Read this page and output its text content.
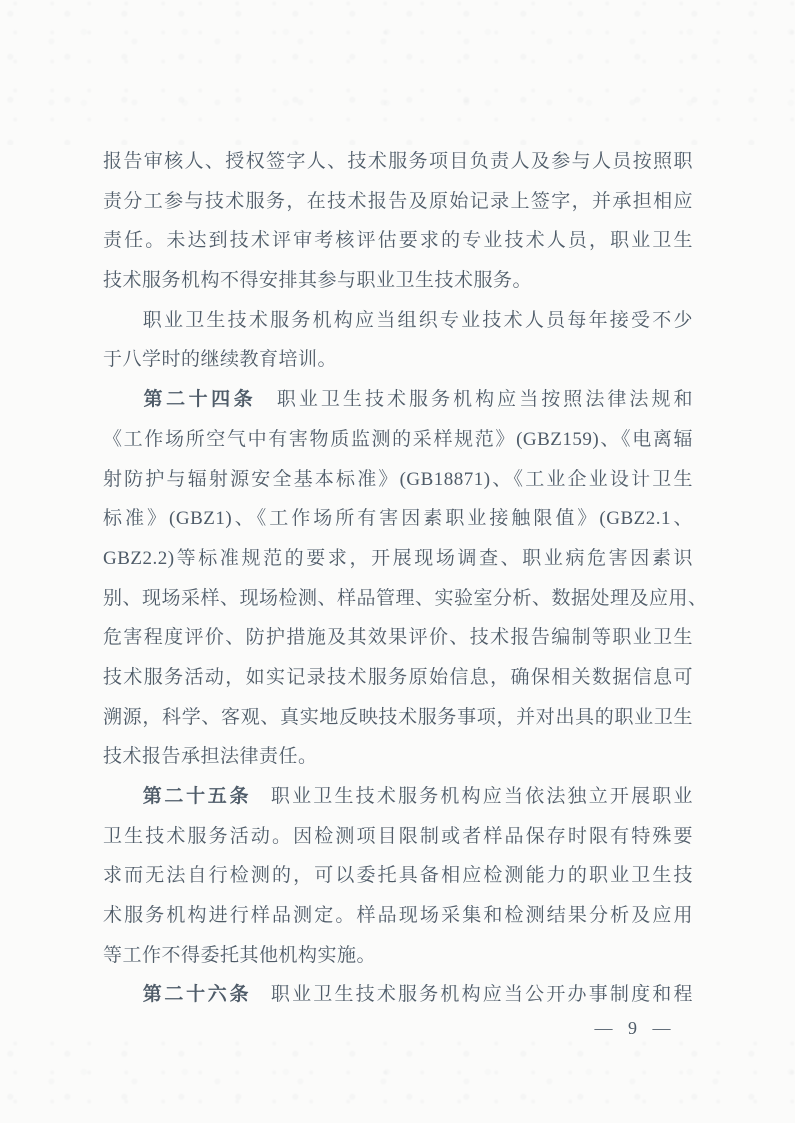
报告审核人、授权签字人、技术服务项目负责人及参与人员按照职
责分工参与技术服务，在技术报告及原始记录上签字，并承担相应
责任。未达到技术评审考核评估要求的专业技术人员，职业卫生
技术服务机构不得安排其参与职业卫生技术服务。
职业卫生技术服务机构应当组织专业技术人员每年接受不少
于八学时的继续教育培训。
第二十四条 职业卫生技术服务机构应当按照法律法规和
《工作场所空气中有害物质监测的采样规范》(GBZ159)、《电离辐
射防护与辐射源安全基本标准》(GB18871)、《工业企业设计卫生
标准》(GBZ1)、《工作场所有害因素职业接触限值》(GBZ2.1、
GBZ2.2)等标准规范的要求，开展现场调查、职业病危害因素识
别、现场采样、现场检测、样品管理、实验室分析、数据处理及应用、
危害程度评价、防护措施及其效果评价、技术报告编制等职业卫生
技术服务活动，如实记录技术服务原始信息，确保相关数据信息可
溯源，科学、客观、真实地反映技术服务事项，并对出具的职业卫生
技术报告承担法律责任。
第二十五条 职业卫生技术服务机构应当依法独立开展职业
卫生技术服务活动。因检测项目限制或者样品保存时限有特殊要
求而无法自行检测的，可以委托具备相应检测能力的职业卫生技
术服务机构进行样品测定。样品现场采集和检测结果分析及应用
等工作不得委托其他机构实施。
第二十六条 职业卫生技术服务机构应当公开办事制度和程
— 9 —
